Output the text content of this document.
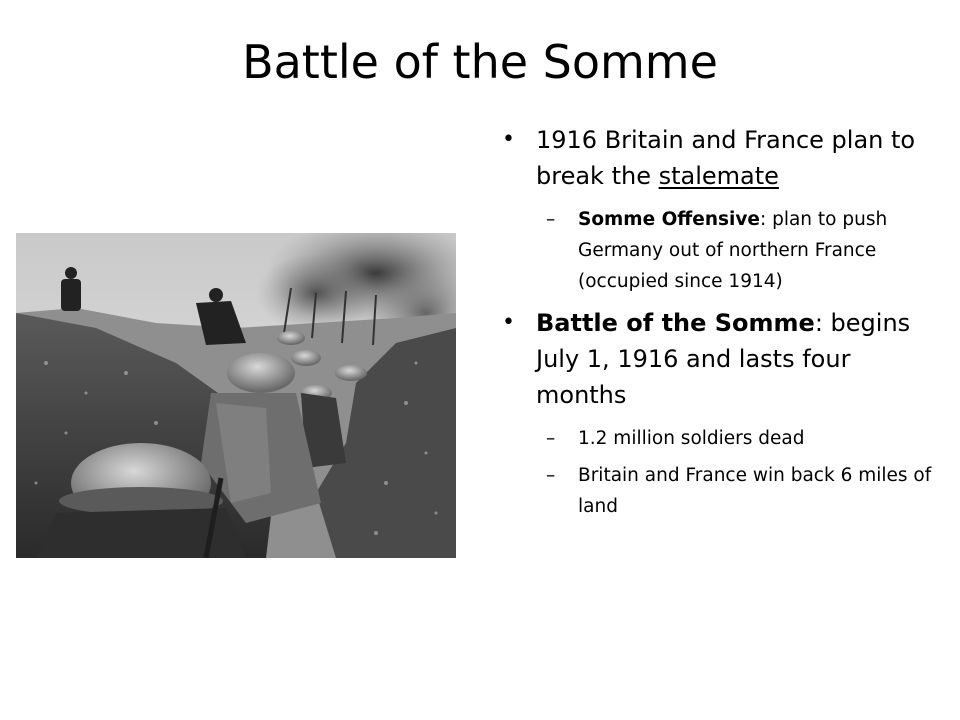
Battle of the Somme
• 1916 Britain and France plan to break the stalemate
– Somme Offensive: plan to push Germany out of northern France (occupied since 1914)
• Battle of the Somme: begins July 1, 1916 and lasts four months
– 1.2 million soldiers dead
– Britain and France win back 6 miles of land
